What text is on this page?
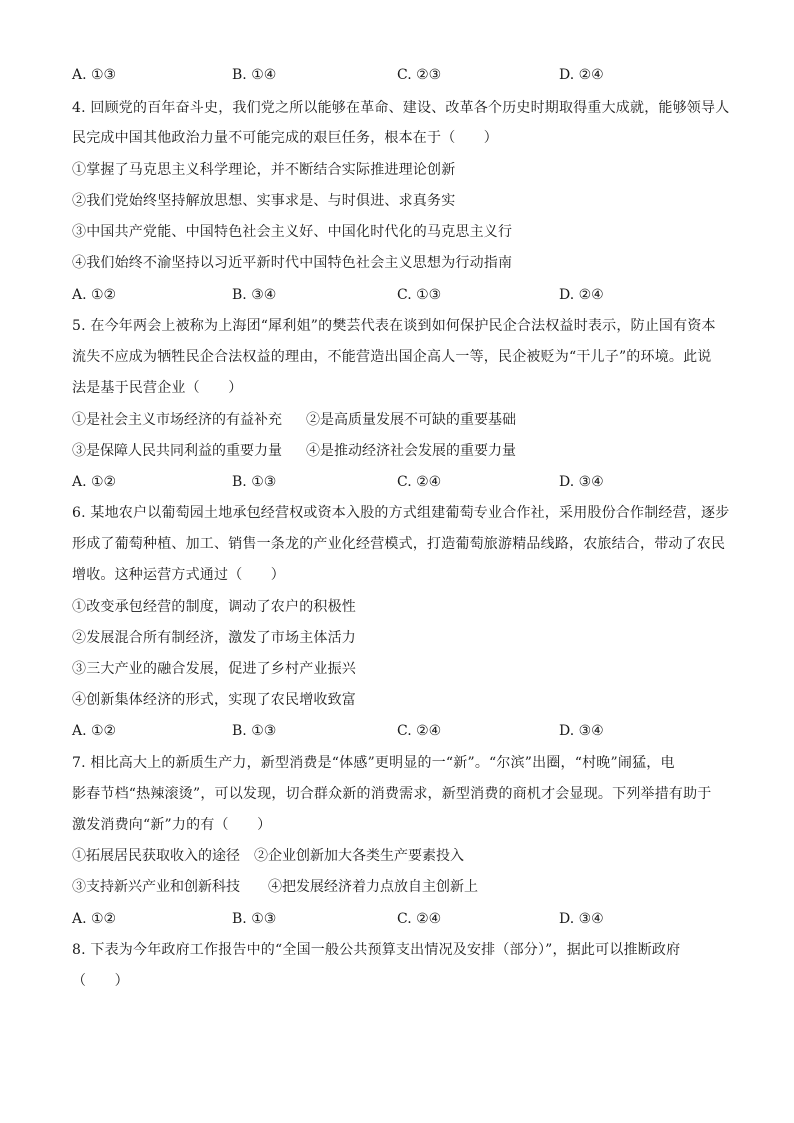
A. ①③	B. ①④	C. ②③	D. ②④
4. 回顾党的百年奋斗史，我们党之所以能够在革命、建设、改革各个历史时期取得重大成就，能够领导人
民完成中国其他政治力量不可能完成的艰巨任务，根本在于（　　）
①掌握了马克思主义科学理论，并不断结合实际推进理论创新
②我们党始终坚持解放思想、实事求是、与时俱进、求真务实
③中国共产党能、中国特色社会主义好、中国化时代化的马克思主义行
④我们始终不渝坚持以习近平新时代中国特色社会主义思想为行动指南
A. ①②	B. ③④	C. ①③	D. ②④
5. 在今年两会上被称为上海团“犀利姐”的樊芸代表在谈到如何保护民企合法权益时表示，防止国有资本
流失不应成为牺牲民企合法权益的理由，不能营造出国企高人一等，民企被贬为“干儿子”的环境。此说
法是基于民营企业（　　）
①是社会主义市场经济的有益补充 ②是高质量发展不可缺的重要基础
③是保障人民共同利益的重要力量 ④是推动经济社会发展的重要力量
A. ①②	B. ①③	C. ②④	D. ③④
6. 某地农户以葡萄园土地承包经营权或资本入股的方式组建葡萄专业合作社，采用股份合作制经营，逐步
形成了葡萄种植、加工、销售一条龙的产业化经营模式，打造葡萄旅游精品线路，农旅结合，带动了农民
增收。这种运营方式通过（　　）
①改变承包经营的制度，调动了农户的积极性
②发展混合所有制经济，激发了市场主体活力
③三大产业的融合发展，促进了乡村产业振兴
④创新集体经济的形式，实现了农民增收致富
A. ①②	B. ①③	C. ②④	D. ③④
7. 相比高大上的新质生产力，新型消费是“体感”更明显的一“新”。“尔滨”出圈，“村晚”闹猛，电
影春节档“热辣滚烫”，可以发现，切合群众新的消费需求，新型消费的商机才会显现。下列举措有助于
激发消费向“新”力的有（　　）
①拓展居民获取收入的途径 ②企业创新加大各类生产要素投入
③支持新兴产业和创新科技 ④把发展经济着力点放自主创新上
A. ①②	B. ①③	C. ②④	D. ③④
8. 下表为今年政府工作报告中的“全国一般公共预算支出情况及安排（部分）”，据此可以推断政府
（　　）
